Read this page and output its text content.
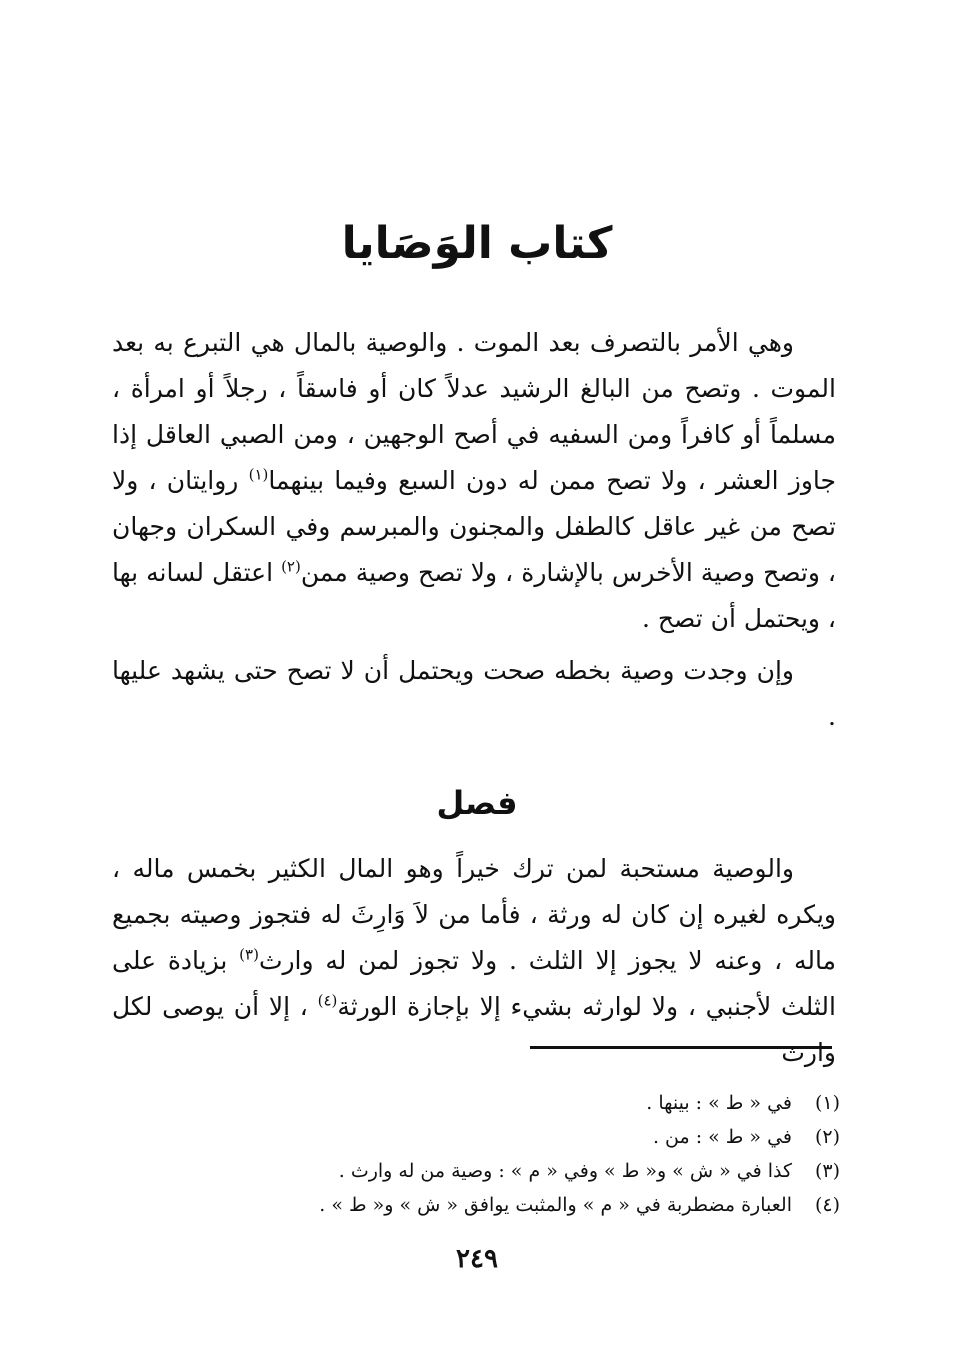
كتاب الوَصَايا

وهي الأمر بالتصرف بعد الموت . والوصية بالمال هي التبرع به بعد الموت . وتصح من البالغ الرشيد عدلاً كان أو فاسقاً ، رجلاً أو امرأة ، مسلماً أو كافراً ومن السفيه في أصح الوجهين ، ومن الصبي العاقل إذا جاوز العشر ، ولا تصح ممن له دون السبع وفيما بينهما$^{(١)}$ روايتان ، ولا تصح من غير عاقل كالطفل والمجنون والمبرسم وفي السكران وجهان ، وتصح وصية الأخرس بالإشارة ، ولا تصح وصية ممن$^{(٢)}$ اعتقل لسانه بها ، ويحتمل أن تصح .

وإن وجدت وصية بخطه صحت ويحتمل أن لا تصح حتى يشهد عليها .

فصل

والوصية مستحبة لمن ترك خيراً وهو المال الكثير بخمس ماله ، ويكره لغيره إن كان له ورثة ، فأما من لاَ وَارِثَ له فتجوز وصيته بجميع ماله ، وعنه لا يجوز إلا الثلث . ولا تجوز لمن له وارث$^{(٣)}$ بزيادة على الثلث لأجنبي ، ولا لوارثه بشيء إلا بإجازة الورثة$^{(٤)}$ ، إلا أن يوصى لكل وارث

(١)
في « ط » : بينها .
(٢)
في « ط » : من .
(٣)
كذا في « ش » و« ط » وفي « م » : وصية من له وارث .
(٤)
العبارة مضطربة في « م » والمثبت يوافق « ش » و« ط » .
٢٤٩
